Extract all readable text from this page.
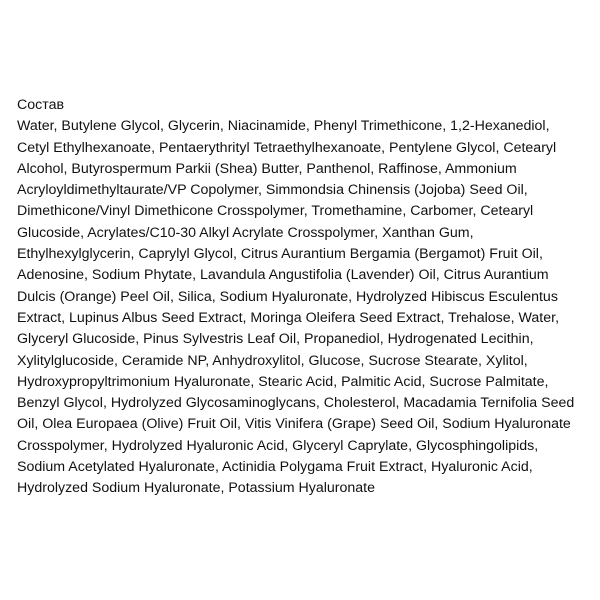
Состав

Water, Butylene Glycol, Glycerin, Niacinamide, Phenyl Trimethicone, 1,2-Hexanediol,

Cetyl Ethylhexanoate, Pentaerythrityl Tetraethylhexanoate, Pentylene Glycol, Cetearyl

Alcohol, Butyrospermum Parkii (Shea) Butter, Panthenol, Raffinose, Ammonium

Acryloyldimethyltaurate/VP Copolymer, Simmondsia Chinensis (Jojoba) Seed Oil,

Dimethicone/Vinyl Dimethicone Crosspolymer, Tromethamine, Carbomer, Cetearyl

Glucoside, Acrylates/C10-30 Alkyl Acrylate Crosspolymer, Xanthan Gum,

Ethylhexylglycerin, Caprylyl Glycol, Citrus Aurantium Bergamia (Bergamot) Fruit Oil,

Adenosine, Sodium Phytate, Lavandula Angustifolia (Lavender) Oil, Citrus Aurantium

Dulcis (Orange) Peel Oil, Silica, Sodium Hyaluronate, Hydrolyzed Hibiscus Esculentus

Extract, Lupinus Albus Seed Extract, Moringa Oleifera Seed Extract, Trehalose, Water,

Glyceryl Glucoside, Pinus Sylvestris Leaf Oil, Propanediol, Hydrogenated Lecithin,

Xylitylglucoside, Ceramide NP, Anhydroxylitol, Glucose, Sucrose Stearate, Xylitol,

Hydroxypropyltrimonium Hyaluronate, Stearic Acid, Palmitic Acid, Sucrose Palmitate,

Benzyl Glycol, Hydrolyzed Glycosaminoglycans, Cholesterol, Macadamia Ternifolia Seed

Oil, Olea Europaea (Olive) Fruit Oil, Vitis Vinifera (Grape) Seed Oil, Sodium Hyaluronate

Crosspolymer, Hydrolyzed Hyaluronic Acid, Glyceryl Caprylate, Glycosphingolipids,

Sodium Acetylated Hyaluronate, Actinidia Polygama Fruit Extract, Hyaluronic Acid,

Hydrolyzed Sodium Hyaluronate, Potassium Hyaluronate
